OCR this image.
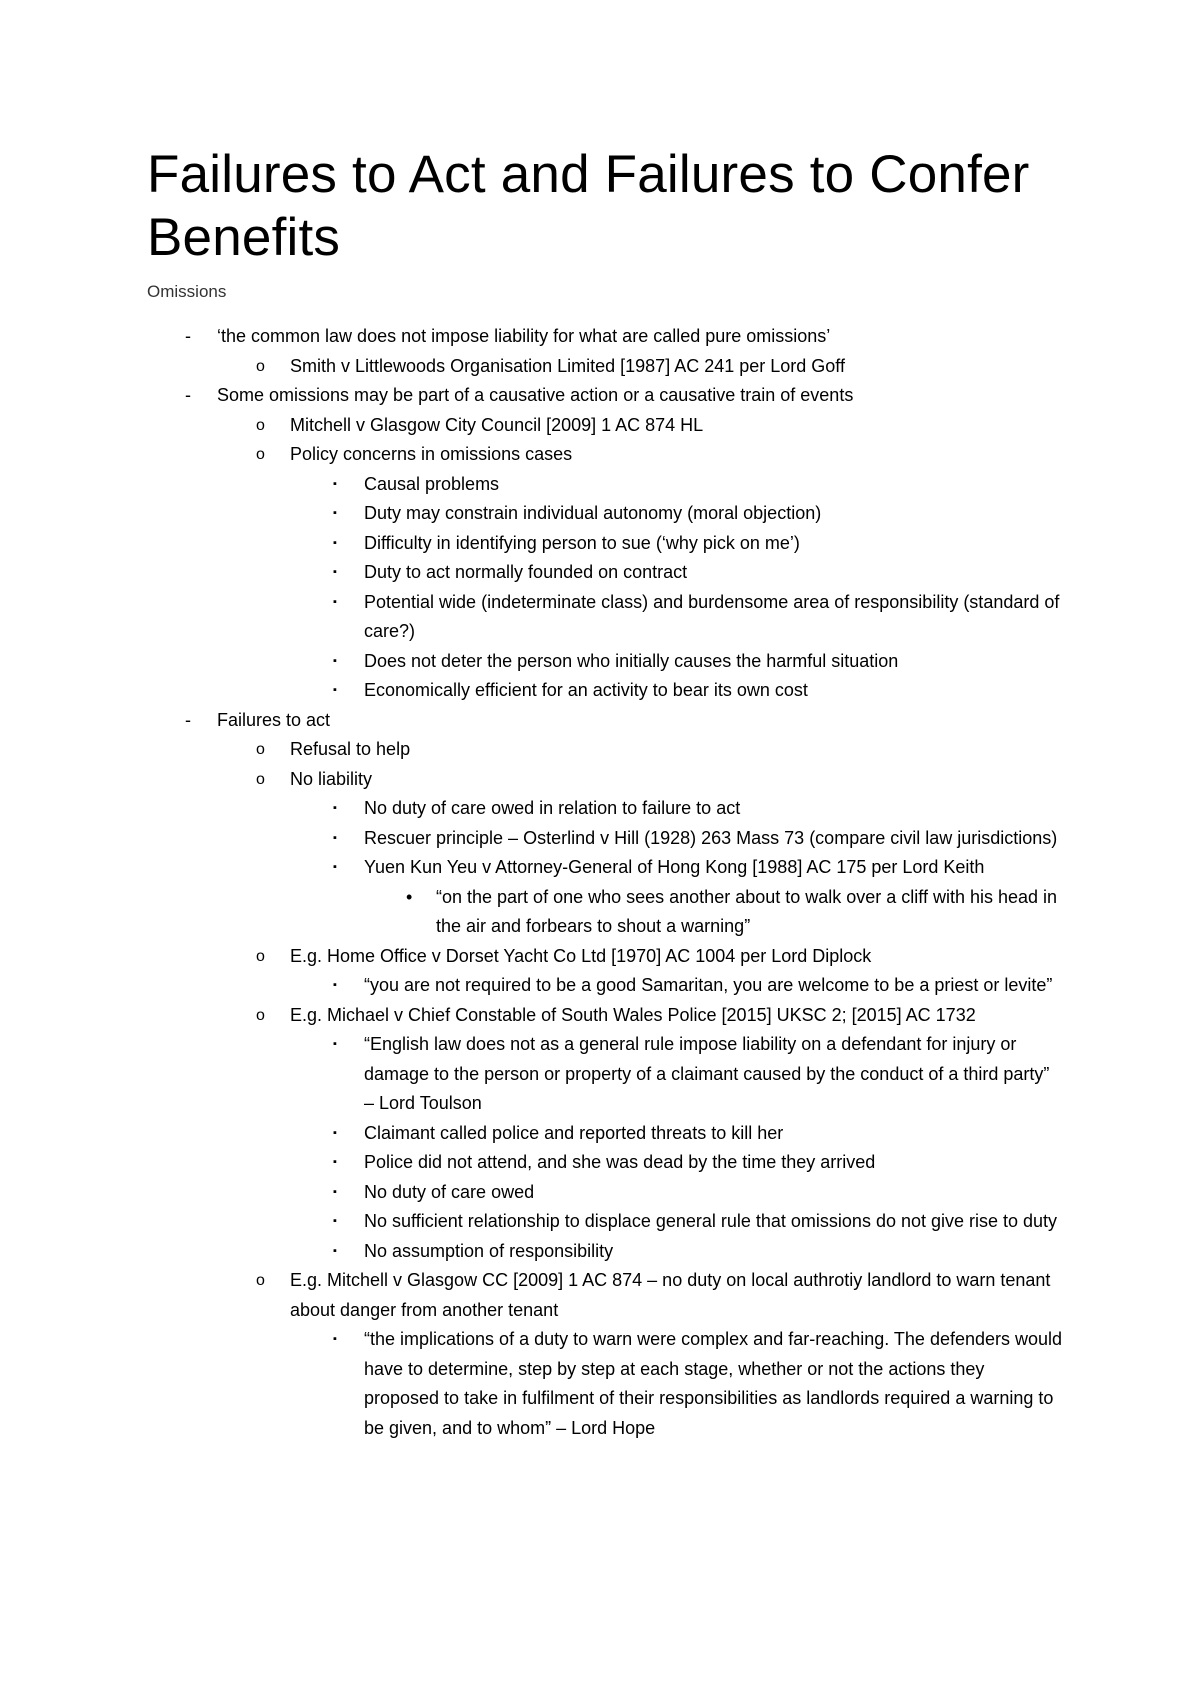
Failures to Act and Failures to Confer Benefits

Omissions

- ‘the common law does not impose liability for what are called pure omissions’
o Smith v Littlewoods Organisation Limited [1987] AC 241 per Lord Goff
- Some omissions may be part of a causative action or a causative train of events
o Mitchell v Glasgow City Council [2009] 1 AC 874 HL
o Policy concerns in omissions cases
▪ Causal problems
▪ Duty may constrain individual autonomy (moral objection)
▪ Difficulty in identifying person to sue (‘why pick on me’)
▪ Duty to act normally founded on contract
▪ Potential wide (indeterminate class) and burdensome area of responsibility (standard of care?)
▪ Does not deter the person who initially causes the harmful situation
▪ Economically efficient for an activity to bear its own cost
- Failures to act
o Refusal to help
o No liability
▪ No duty of care owed in relation to failure to act
▪ Rescuer principle – Osterlind v Hill (1928) 263 Mass 73 (compare civil law jurisdictions)
▪ Yuen Kun Yeu v Attorney-General of Hong Kong [1988] AC 175 per Lord Keith
• “on the part of one who sees another about to walk over a cliff with his head in the air and forbears to shout a warning”
o E.g. Home Office v Dorset Yacht Co Ltd [1970] AC 1004 per Lord Diplock
▪ “you are not required to be a good Samaritan, you are welcome to be a priest or levite”
o E.g. Michael v Chief Constable of South Wales Police [2015] UKSC 2; [2015] AC 1732
▪ “English law does not as a general rule impose liability on a defendant for injury or damage to the person or property of a claimant caused by the conduct of a third party” – Lord Toulson
▪ Claimant called police and reported threats to kill her
▪ Police did not attend, and she was dead by the time they arrived
▪ No duty of care owed
▪ No sufficient relationship to displace general rule that omissions do not give rise to duty
▪ No assumption of responsibility
o E.g. Mitchell v Glasgow CC [2009] 1 AC 874 – no duty on local authrotiy landlord to warn tenant about danger from another tenant
▪ “the implications of a duty to warn were complex and far-reaching. The defenders would have to determine, step by step at each stage, whether or not the actions they proposed to take in fulfilment of their responsibilities as landlords required a warning to be given, and to whom” – Lord Hope
